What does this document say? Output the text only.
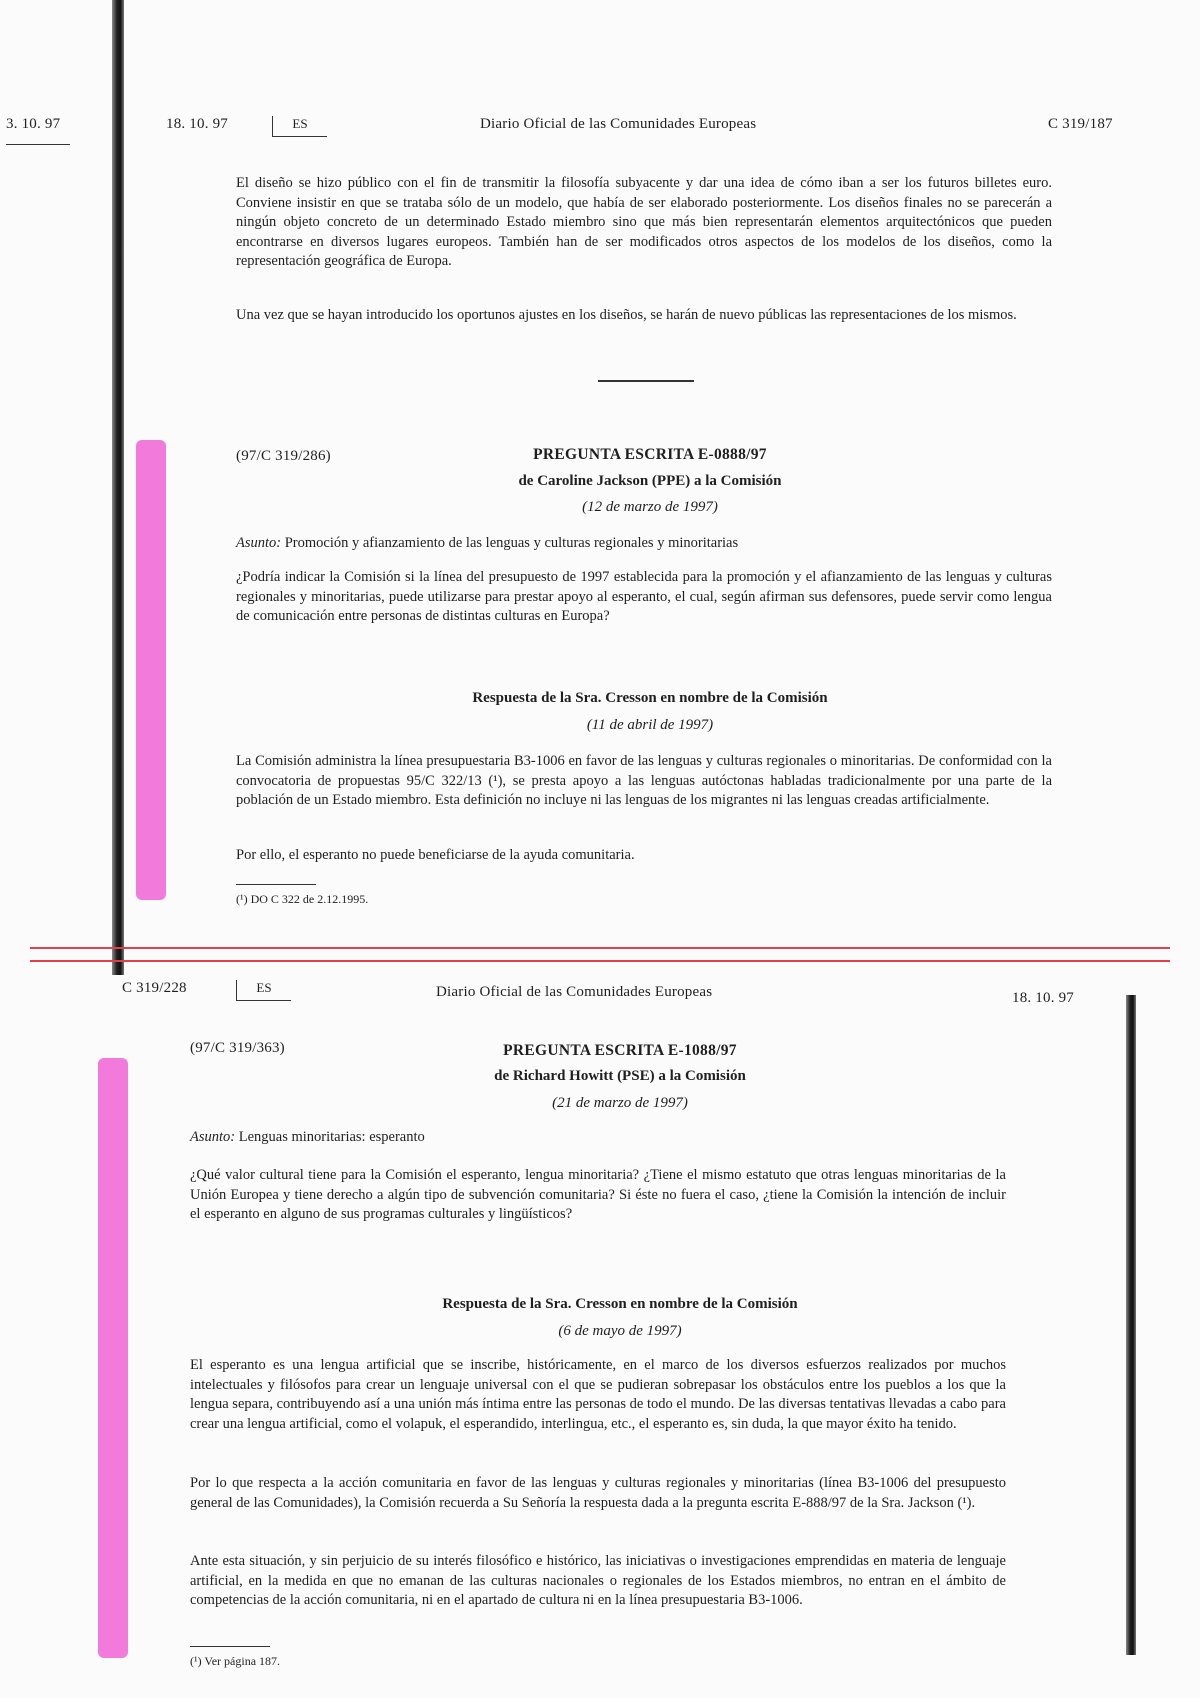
3. 10. 97	18. 10. 97	ES	Diario Oficial de las Comunidades Europeas	C 319/187
El diseño se hizo público con el fin de transmitir la filosofía subyacente y dar una idea de cómo iban a ser los futuros billetes euro. Conviene insistir en que se trataba sólo de un modelo, que había de ser elaborado posteriormente. Los diseños finales no se parecerán a ningún objeto concreto de un determinado Estado miembro sino que más bien representarán elementos arquitectónicos que pueden encontrarse en diversos lugares europeos. También han de ser modificados otros aspectos de los modelos de los diseños, como la representación geográfica de Europa.
Una vez que se hayan introducido los oportunos ajustes en los diseños, se harán de nuevo públicas las representaciones de los mismos.
(97/C 319/286)	PREGUNTA ESCRITA E-0888/97
de Caroline Jackson (PPE) a la Comisión
(12 de marzo de 1997)
Asunto: Promoción y afianzamiento de las lenguas y culturas regionales y minoritarias
¿Podría indicar la Comisión si la línea del presupuesto de 1997 establecida para la promoción y el afianzamiento de las lenguas y culturas regionales y minoritarias, puede utilizarse para prestar apoyo al esperanto, el cual, según afirman sus defensores, puede servir como lengua de comunicación entre personas de distintas culturas en Europa?
Respuesta de la Sra. Cresson en nombre de la Comisión
(11 de abril de 1997)
La Comisión administra la línea presupuestaria B3-1006 en favor de las lenguas y culturas regionales o minoritarias. De conformidad con la convocatoria de propuestas 95/C 322/13 (¹), se presta apoyo a las lenguas autóctonas habladas tradicionalmente por una parte de la población de un Estado miembro. Esta definición no incluye ni las lenguas de los migrantes ni las lenguas creadas artificialmente.
Por ello, el esperanto no puede beneficiarse de la ayuda comunitaria.
(¹) DO C 322 de 2.12.1995.
C 319/228	ES	Diario Oficial de las Comunidades Europeas	18. 10. 97
(97/C 319/363)	PREGUNTA ESCRITA E-1088/97
de Richard Howitt (PSE) a la Comisión
(21 de marzo de 1997)
Asunto: Lenguas minoritarias: esperanto
¿Qué valor cultural tiene para la Comisión el esperanto, lengua minoritaria? ¿Tiene el mismo estatuto que otras lenguas minoritarias de la Unión Europea y tiene derecho a algún tipo de subvención comunitaria? Si éste no fuera el caso, ¿tiene la Comisión la intención de incluir el esperanto en alguno de sus programas culturales y lingüísticos?
Respuesta de la Sra. Cresson en nombre de la Comisión
(6 de mayo de 1997)
El esperanto es una lengua artificial que se inscribe, históricamente, en el marco de los diversos esfuerzos realizados por muchos intelectuales y filósofos para crear un lenguaje universal con el que se pudieran sobrepasar los obstáculos entre los pueblos a los que la lengua separa, contribuyendo así a una unión más íntima entre las personas de todo el mundo. De las diversas tentativas llevadas a cabo para crear una lengua artificial, como el volapuk, el esperandido, interlingua, etc., el esperanto es, sin duda, la que mayor éxito ha tenido.
Por lo que respecta a la acción comunitaria en favor de las lenguas y culturas regionales y minoritarias (línea B3-1006 del presupuesto general de las Comunidades), la Comisión recuerda a Su Señoría la respuesta dada a la pregunta escrita E-888/97 de la Sra. Jackson (¹).
Ante esta situación, y sin perjuicio de su interés filosófico e histórico, las iniciativas o investigaciones emprendidas en materia de lenguaje artificial, en la medida en que no emanan de las culturas nacionales o regionales de los Estados miembros, no entran en el ámbito de competencias de la acción comunitaria, ni en el apartado de cultura ni en la línea presupuestaria B3-1006.
(¹) Ver página 187.
